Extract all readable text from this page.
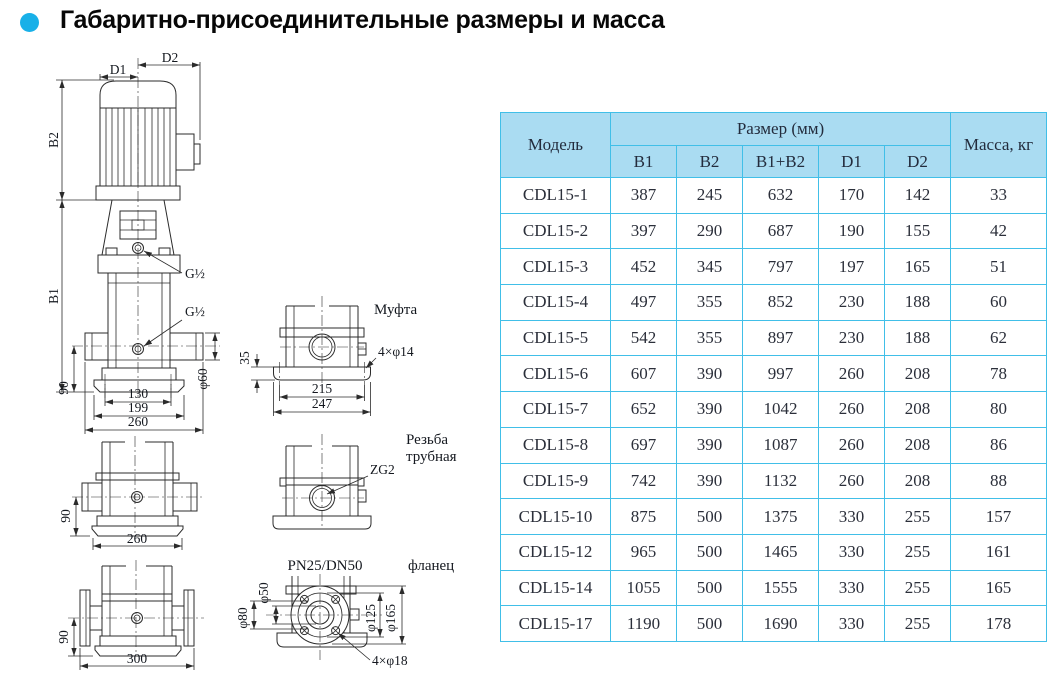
Габаритно-присоединительные размеры и масса
D1
D2
B2
B1
G½
G½
φ60
90	130
199
260
Муфта
4×φ14
35
215
247
90
260
ZG2
Резьба
трубная
90
300
PN25/DN50	фланец
φ50
φ80	φ125 φ165
4×φ18
Модель	Размер (мм)					Масса, кг
	B1	B2	B1+B2	D1	D2	
CDL15-1	387	245	632	170	142	33
CDL15-2	397	290	687	190	155	42
CDL15-3	452	345	797	197	165	51
CDL15-4	497	355	852	230	188	60
CDL15-5	542	355	897	230	188	62
CDL15-6	607	390	997	260	208	78
CDL15-7	652	390	1042	260	208	80
CDL15-8	697	390	1087	260	208	86
CDL15-9	742	390	1132	260	208	88
CDL15-10	875	500	1375	330	255	157
CDL15-12	965	500	1465	330	255	161
CDL15-14	1055	500	1555	330	255	165
CDL15-17	1190	500	1690	330	255	178
